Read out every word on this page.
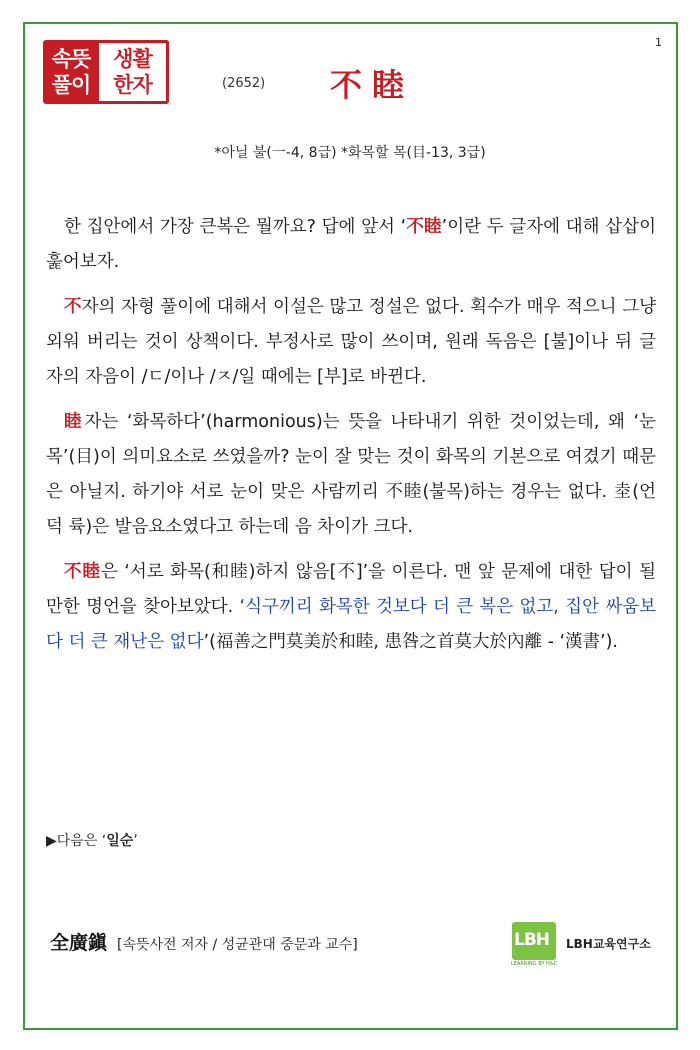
1
속뜻
풀이
생활
한자	(2652) 不睦
*아닐 불(一-4, 8급) *화목할 목(目-13, 3급)

한 집안에서 가장 큰복은 뭘까요? 답에 앞서 ‘不睦’이란 두 글자에 대해 삽삽이 훑어보자.

不자의 자형 풀이에 대해서 이설은 많고 정설은 없다. 획수가 매우 적으니 그냥 외워 버리는 것이 상책이다. 부정사로 많이 쓰이며, 원래 독음은 [불]이나 뒤 글자의 자음이 /ㄷ/이나 /ㅈ/일 때에는 [부]로 바뀐다.

睦자는 ‘화목하다’(harmonious)는 뜻을 나타내기 위한 것이었는데, 왜 ‘눈 목’(目)이 의미요소로 쓰였을까? 눈이 잘 맞는 것이 화목의 기본으로 여겼기 때문은 아닐지. 하기야 서로 눈이 맞은 사람끼리 不睦(불목)하는 경우는 없다. 坴(언덕 륙)은 발음요소였다고 하는데 음 차이가 크다.

不睦은 ‘서로 화목(和睦)하지 않음[不]’을 이른다. 맨 앞 문제에 대한 답이 될 만한 명언을 찾아보았다. ‘식구끼리 화목한 것보다 더 큰 복은 없고, 집안 싸움보다 더 큰 재난은 없다’(福善之門莫美於和睦, 患咎之首莫大於內離 - ‘漢書’).

▶다음은 ‘일순’
全廣鎭 [속뜻사전 저자 / 성균관대 중문과 교수]	LBH
LEARNING BY H&C
LBH교육연구소
